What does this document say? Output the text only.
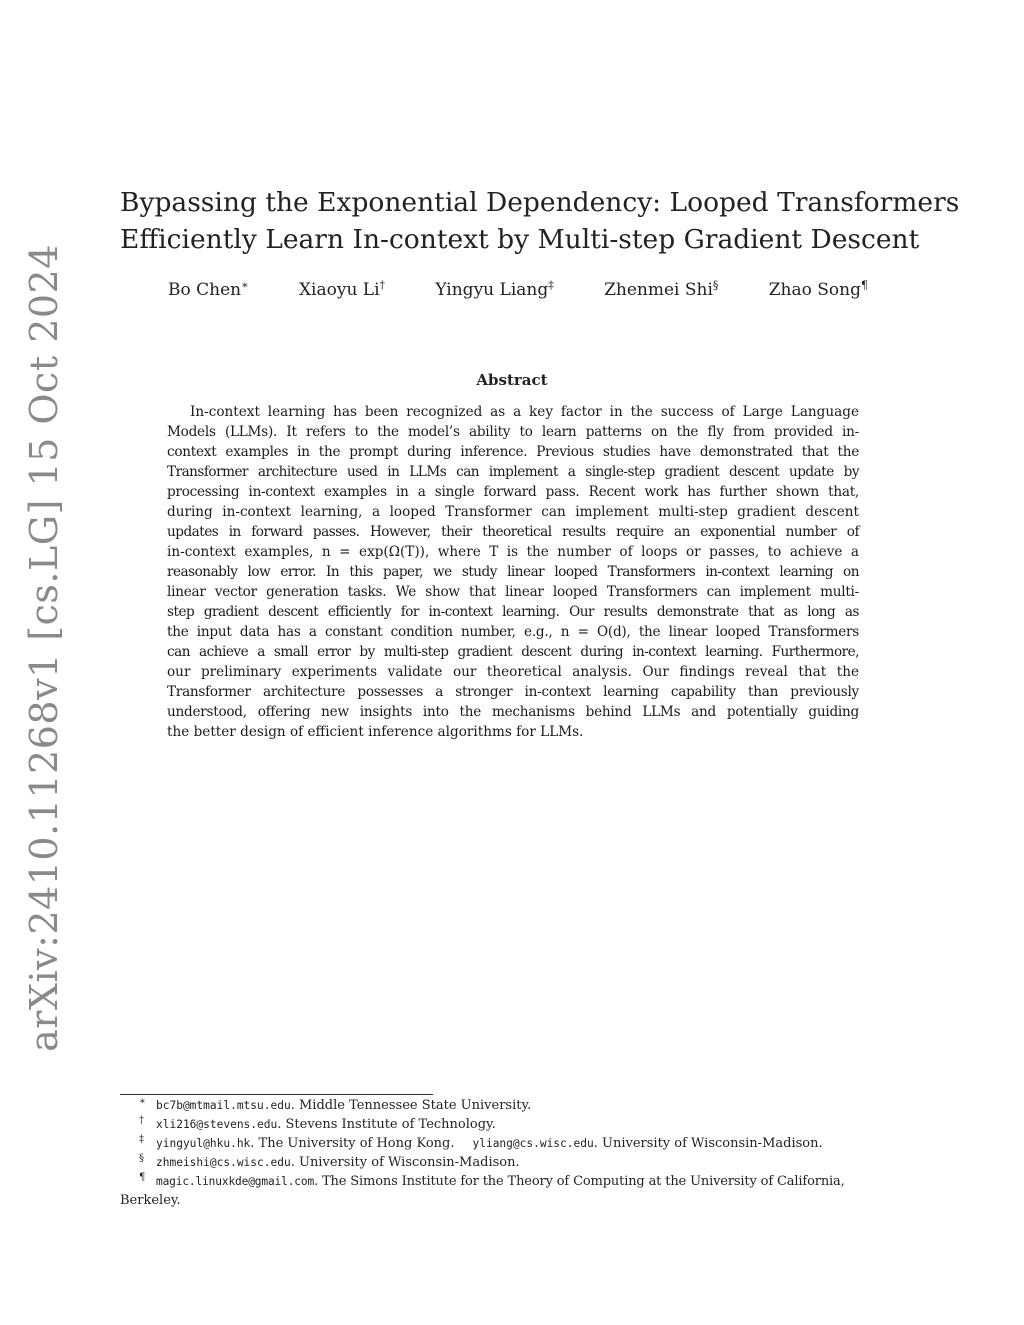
arXiv:2410.11268v1 [cs.LG] 15 Oct 2024
Bypassing the Exponential Dependency: Looped Transformers
Efficiently Learn In-context by Multi-step Gradient Descent
Bo Chen∗	Xiaoyu Li†	Yingyu Liang‡	Zhenmei Shi§	Zhao Song¶
Abstract
In-context learning has been recognized as a key factor in the success of Large Language
Models (LLMs). It refers to the model’s ability to learn patterns on the fly from provided in-
context examples in the prompt during inference. Previous studies have demonstrated that the
Transformer architecture used in LLMs can implement a single-step gradient descent update by
processing in-context examples in a single forward pass. Recent work has further shown that,
during in-context learning, a looped Transformer can implement multi-step gradient descent
updates in forward passes. However, their theoretical results require an exponential number of
in-context examples, n = exp(Ω(T)), where T is the number of loops or passes, to achieve a
reasonably low error. In this paper, we study linear looped Transformers in-context learning on
linear vector generation tasks. We show that linear looped Transformers can implement multi-
step gradient descent efficiently for in-context learning. Our results demonstrate that as long as
the input data has a constant condition number, e.g., n = O(d), the linear looped Transformers
can achieve a small error by multi-step gradient descent during in-context learning. Furthermore,
our preliminary experiments validate our theoretical analysis. Our findings reveal that the
Transformer architecture possesses a stronger in-context learning capability than previously
understood, offering new insights into the mechanisms behind LLMs and potentially guiding
the better design of efficient inference algorithms for LLMs.
∗ bc7b@mtmail.mtsu.edu. Middle Tennessee State University.
† xli216@stevens.edu. Stevens Institute of Technology.
‡ yingyul@hku.hk. The University of Hong Kong. yliang@cs.wisc.edu. University of Wisconsin-Madison.
§ zhmeishi@cs.wisc.edu. University of Wisconsin-Madison.
¶ magic.linuxkde@gmail.com. The Simons Institute for the Theory of Computing at the University of California,
Berkeley.
